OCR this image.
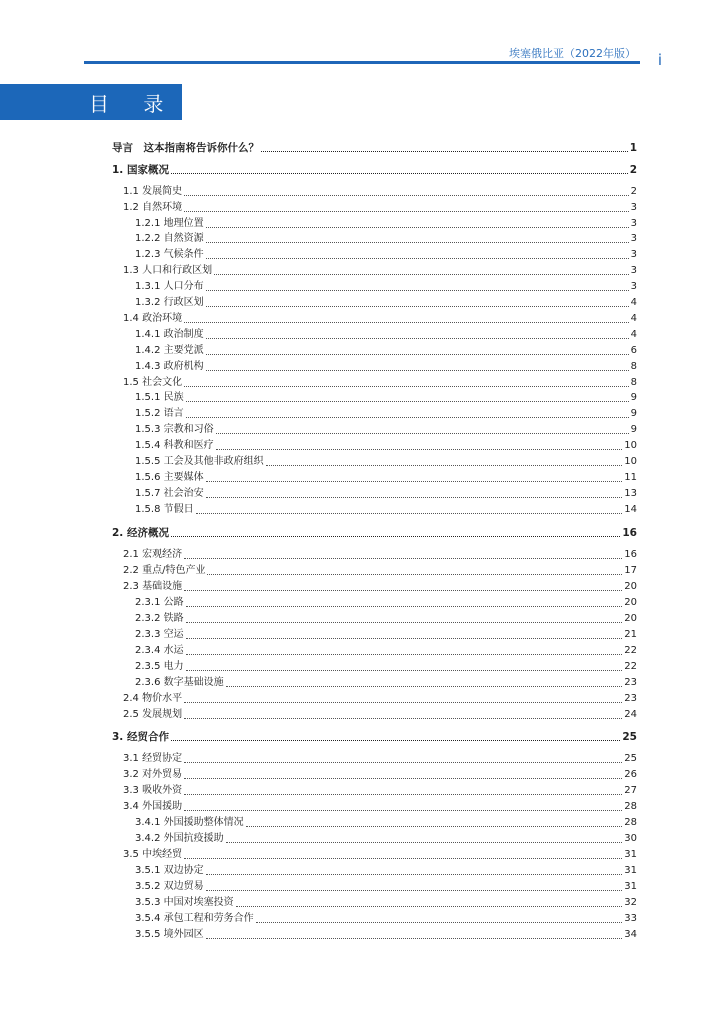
埃塞俄比亚（2022年版） i
目 录
导言　这本指南将告诉你什么？	1
1. 国家概况	2
1.1 发展简史	2
1.2 自然环境	3
1.2.1 地理位置	3
1.2.2 自然资源	3
1.2.3 气候条件	3
1.3 人口和行政区划	3
1.3.1 人口分布	3
1.3.2 行政区划	4
1.4 政治环境	4
1.4.1 政治制度	4
1.4.2 主要党派	6
1.4.3 政府机构	8
1.5 社会文化	8
1.5.1 民族	9
1.5.2 语言	9
1.5.3 宗教和习俗	9
1.5.4 科教和医疗	10
1.5.5 工会及其他非政府组织	10
1.5.6 主要媒体	11
1.5.7 社会治安	13
1.5.8 节假日	14
2. 经济概况	16
2.1 宏观经济	16
2.2 重点/特色产业	17
2.3 基础设施	20
2.3.1 公路	20
2.3.2 铁路	20
2.3.3 空运	21
2.3.4 水运	22
2.3.5 电力	22
2.3.6 数字基础设施	23
2.4 物价水平	23
2.5 发展规划	24
3. 经贸合作	25
3.1 经贸协定	25
3.2 对外贸易	26
3.3 吸收外资	27
3.4 外国援助	28
3.4.1 外国援助整体情况	28
3.4.2 外国抗疫援助	30
3.5 中埃经贸	31
3.5.1 双边协定	31
3.5.2 双边贸易	31
3.5.3 中国对埃塞投资	32
3.5.4 承包工程和劳务合作	33
3.5.5 境外园区	34
